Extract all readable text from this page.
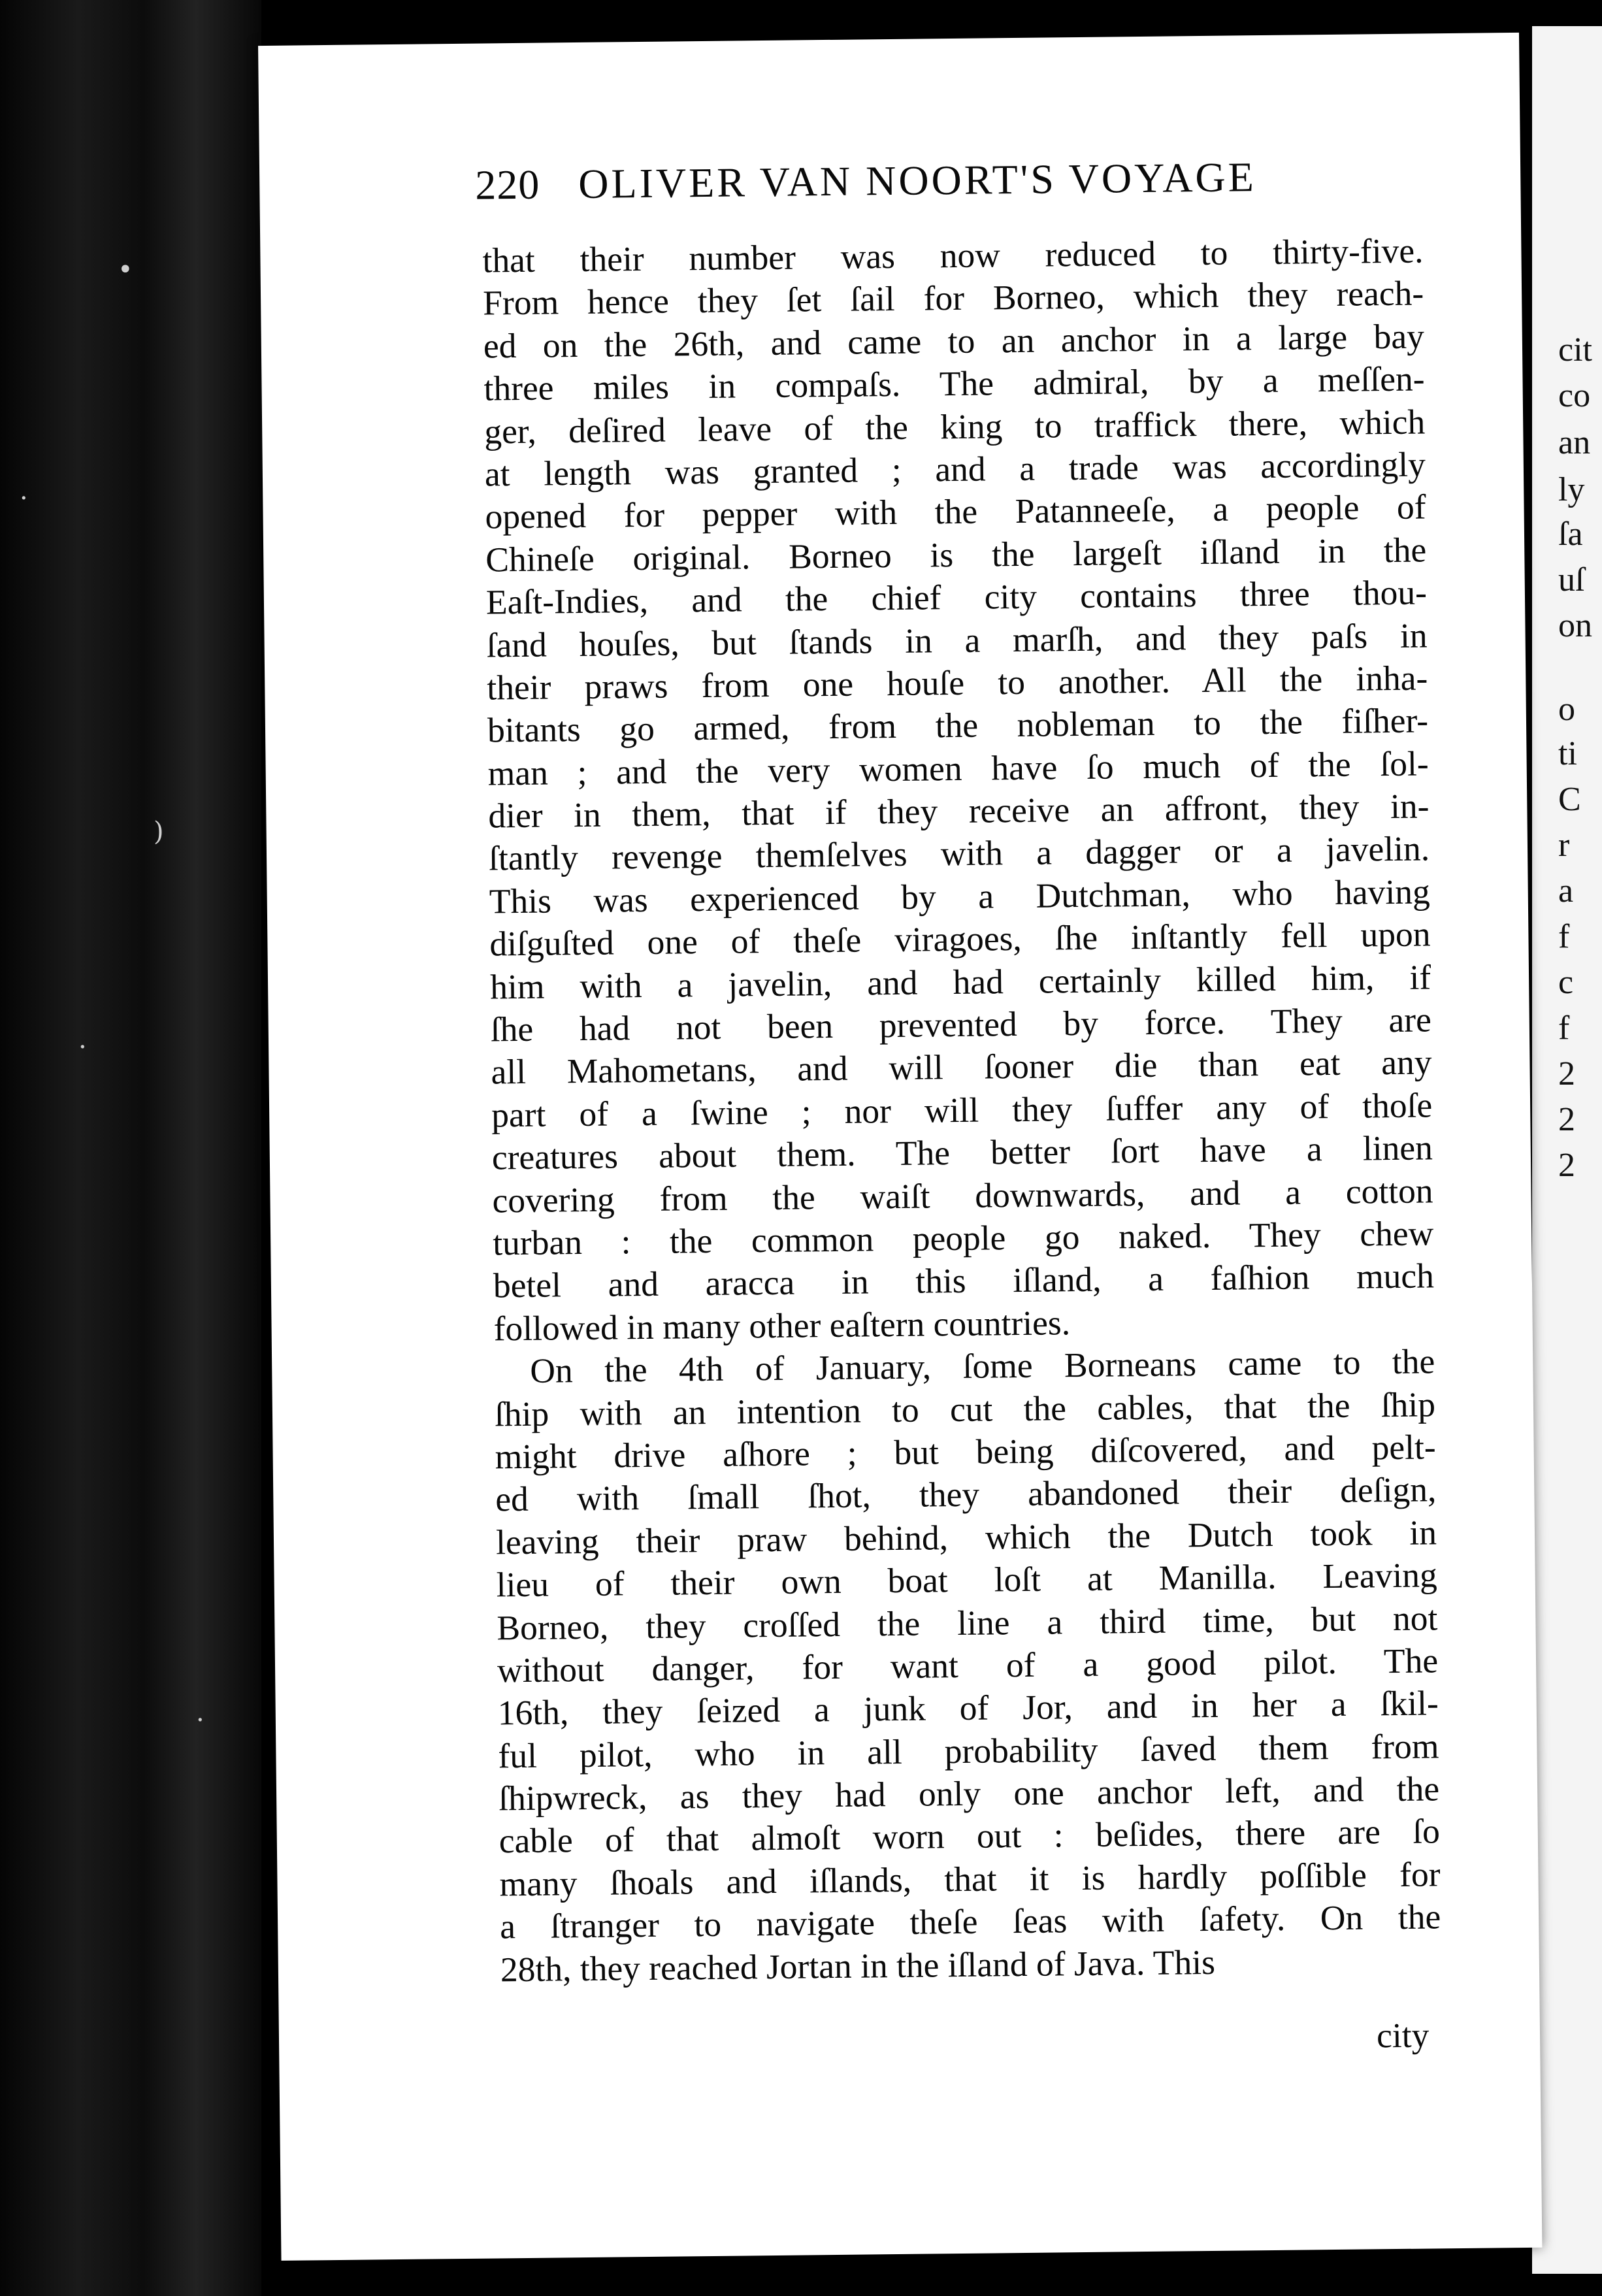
•
·
)
·
·
cit
co
an
ly
ſa
uſ
on
o
ti
C
r
a
f
c
f
2
2
2
220 OLIVER VAN NOORT'S VOYAGE
that their number was now reduced to thirty-five.
From hence they ſet ſail for Borneo, which they reach-
ed on the 26th, and came to an anchor in a large bay
three miles in compaſs. The admiral, by a meſſen-
ger, deſired leave of the king to traffick there, which
at length was granted ; and a trade was accordingly
opened for pepper with the Patanneeſe, a people of
Chineſe original. Borneo is the largeſt iſland in the
Eaſt-Indies, and the chief city contains three thou-
ſand houſes, but ſtands in a marſh, and they paſs in
their praws from one houſe to another. All the inha-
bitants go armed, from the nobleman to the fiſher-
man ; and the very women have ſo much of the ſol-
dier in them, that if they receive an affront, they in-
ſtantly revenge themſelves with a dagger or a javelin.
This was experienced by a Dutchman, who having
diſguſted one of theſe viragoes, ſhe inſtantly fell upon
him with a javelin, and had certainly killed him, if
ſhe had not been prevented by force. They are
all Mahometans, and will ſooner die than eat any
part of a ſwine ; nor will they ſuffer any of thoſe
creatures about them. The better ſort have a linen
covering from the waiſt downwards, and a cotton
turban : the common people go naked. They chew
betel and aracca in this iſland, a faſhion much
followed in many other eaſtern countries.
On the 4th of January, ſome Borneans came to the
ſhip with an intention to cut the cables, that the ſhip
might drive aſhore ; but being diſcovered, and pelt-
ed with ſmall ſhot, they abandoned their deſign,
leaving their praw behind, which the Dutch took in
lieu of their own boat loſt at Manilla. Leaving
Borneo, they croſſed the line a third time, but not
without danger, for want of a good pilot. The
16th, they ſeized a junk of Jor, and in her a ſkil-
ful pilot, who in all probability ſaved them from
ſhipwreck, as they had only one anchor left, and the
cable of that almoſt worn out : beſides, there are ſo
many ſhoals and iſlands, that it is hardly poſſible for
a ſtranger to navigate theſe ſeas with ſafety. On the
28th, they reached Jortan in the iſland of Java. This
city
